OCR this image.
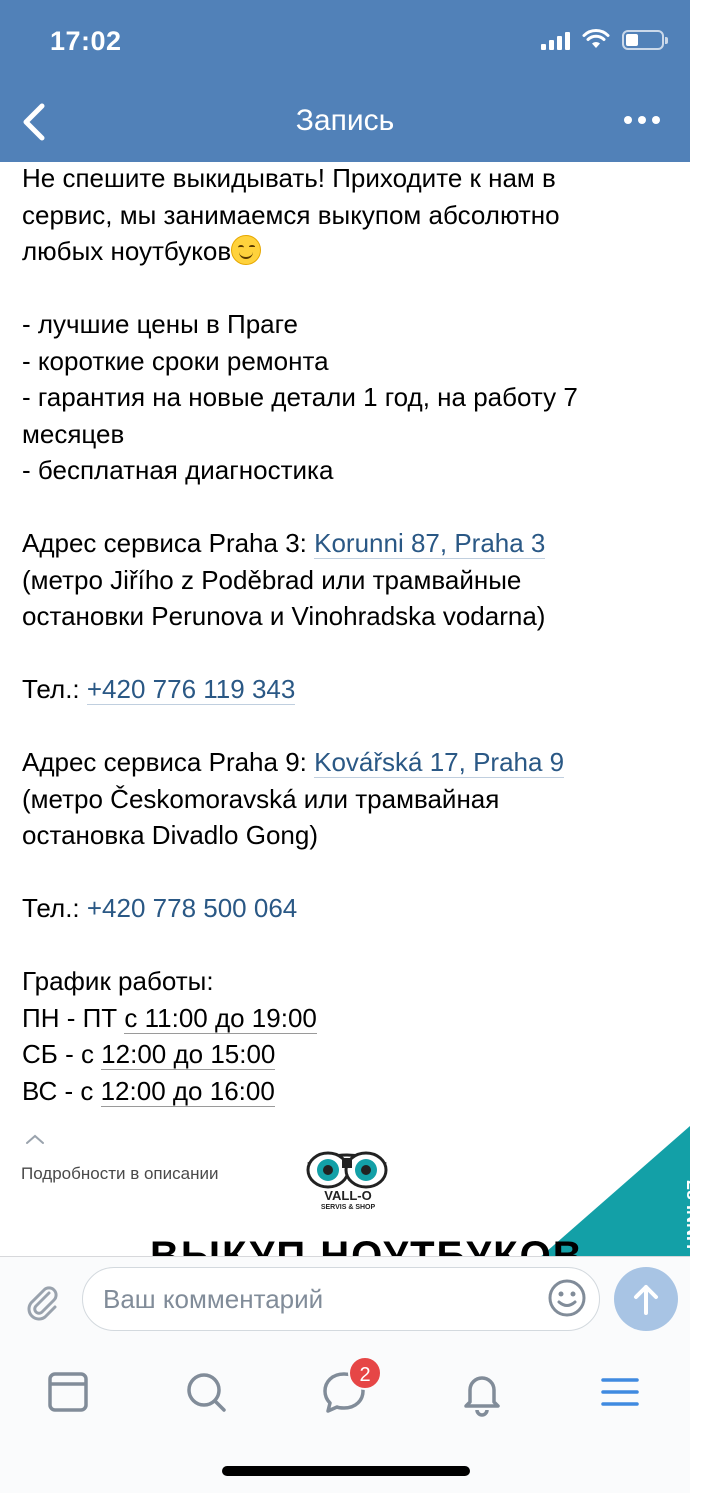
17:02
Запись

Не спешите выкидывать! Приходите к нам в

сервис, мы занимаемся выкупом абсолютно

любых ноутбуков

- лучшие цены в Праге

- короткие сроки ремонта

- гарантия на новые детали 1 год, на работу 7

месяцев

- бесплатная диагностика

Адрес сервиса Praha 3: Korunni 87, Praha 3

(метро Jiřího z Poděbrad или трамвайные

остановки Perunova и Vinohradska vodarna)

Тел.: +420 776 119 343

Адрес сервиса Praha 9: Kovářská 17, Praha 9

(метро Českomoravská или трамвайная

остановка Divadlo Gong)

Тел.: +420 778 500 064

График работы:

ПН - ПТ с 11:00 до 19:00

СБ - с 12:00 до 15:00

ВС - с 12:00 до 16:00

Подробности в описании
VALL-O
SERVIS & SHOP	UNNI 87
Ваш комментарий
2
